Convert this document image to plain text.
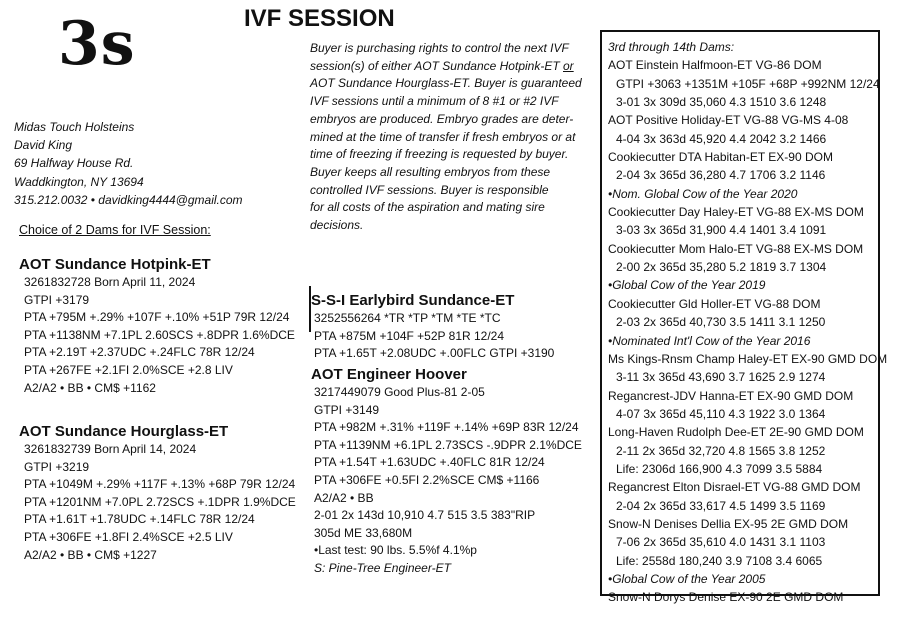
3s	IVF SESSION
Buyer is purchasing rights to control the next IVF
session(s) of either AOT Sundance Hotpink-ET or
AOT Sundance Hourglass-ET. Buyer is guaranteed
IVF sessions until a minimum of 8 #1 or #2 IVF
embryos are produced. Embryo grades are deter-
mined at the time of transfer if fresh embryos or at
time of freezing if freezing is requested by buyer.
Buyer keeps all resulting embryos from these
controlled IVF sessions. Buyer is responsible
for all costs of the aspiration and mating sire
decisions.
Midas Touch Holsteins
David King
69 Halfway House Rd.
Waddkington, NY 13694
315.212.0032 • davidking4444@gmail.com
Choice of 2 Dams for IVF Session:
AOT Sundance Hotpink-ET
3261832728 Born April 11, 2024
GTPI +3179
PTA +795M +.29% +107F +.10% +51P 79R 12/24
PTA +1138NM +7.1PL 2.60SCS +.8DPR 1.6%DCE
PTA +2.19T +2.37UDC +.24FLC 78R 12/24
PTA +267FE +2.1FI 2.0%SCE +2.8 LIV
A2/A2 • BB • CM$ +1162
AOT Sundance Hourglass-ET
3261832739 Born April 14, 2024
GTPI +3219
PTA +1049M +.29% +117F +.13% +68P 79R 12/24
PTA +1201NM +7.0PL 2.72SCS +.1DPR 1.9%DCE
PTA +1.61T +1.78UDC +.14FLC 78R 12/24
PTA +306FE +1.8FI 2.4%SCE +2.5 LIV
A2/A2 • BB • CM$ +1227
S-S-I Earlybird Sundance-ET
3252556264 *TR *TP *TM *TE *TC
PTA +875M +104F +52P 81R 12/24
PTA +1.65T +2.08UDC +.00FLC GTPI +3190
AOT Engineer Hoover
3217449079 Good Plus-81 2-05
GTPI +3149
PTA +982M +.31% +119F +.14% +69P 83R 12/24
PTA +1139NM +6.1PL 2.73SCS -.9DPR 2.1%DCE
PTA +1.54T +1.63UDC +.40FLC 81R 12/24
PTA +306FE +0.5FI 2.2%SCE CM$ +1166
A2/A2 • BB
2-01 2x 143d 10,910 4.7 515 3.5 383"RIP
305d ME 33,680M
•Last test: 90 lbs. 5.5%f 4.1%p
S: Pine-Tree Engineer-ET
3rd through 14th Dams:
AOT Einstein Halfmoon-ET VG-86 DOM
GTPI +3063 +1351M +105F +68P +992NM 12/24
3-01 3x 309d 35,060 4.3 1510 3.6 1248
AOT Positive Holiday-ET VG-88 VG-MS 4-08
4-04 3x 363d 45,920 4.4 2042 3.2 1466
Cookiecutter DTA Habitan-ET EX-90 DOM
2-04 3x 365d 36,280 4.7 1706 3.2 1146
•Nom. Global Cow of the Year 2020
Cookiecutter Day Haley-ET VG-88 EX-MS DOM
3-03 3x 365d 31,900 4.4 1401 3.4 1091
Cookiecutter Mom Halo-ET VG-88 EX-MS DOM
2-00 2x 365d 35,280 5.2 1819 3.7 1304
•Global Cow of the Year 2019
Cookiecutter Gld Holler-ET VG-88 DOM
2-03 2x 365d 40,730 3.5 1411 3.1 1250
•Nominated Int'l Cow of the Year 2016
Ms Kings-Rnsm Champ Haley-ET EX-90 GMD DOM
3-11 3x 365d 43,690 3.7 1625 2.9 1274
Regancrest-JDV Hanna-ET EX-90 GMD DOM
4-07 3x 365d 45,110 4.3 1922 3.0 1364
Long-Haven Rudolph Dee-ET 2E-90 GMD DOM
2-11 2x 365d 32,720 4.8 1565 3.8 1252
Life: 2306d 166,900 4.3 7099 3.5 5884
Regancrest Elton Disrael-ET VG-88 GMD DOM
2-04 2x 365d 33,617 4.5 1499 3.5 1169
Snow-N Denises Dellia EX-95 2E GMD DOM
7-06 2x 365d 35,610 4.0 1431 3.1 1103
Life: 2558d 180,240 3.9 7108 3.4 6065
•Global Cow of the Year 2005
Snow-N Dorys Denise EX-90 2E GMD DOM
